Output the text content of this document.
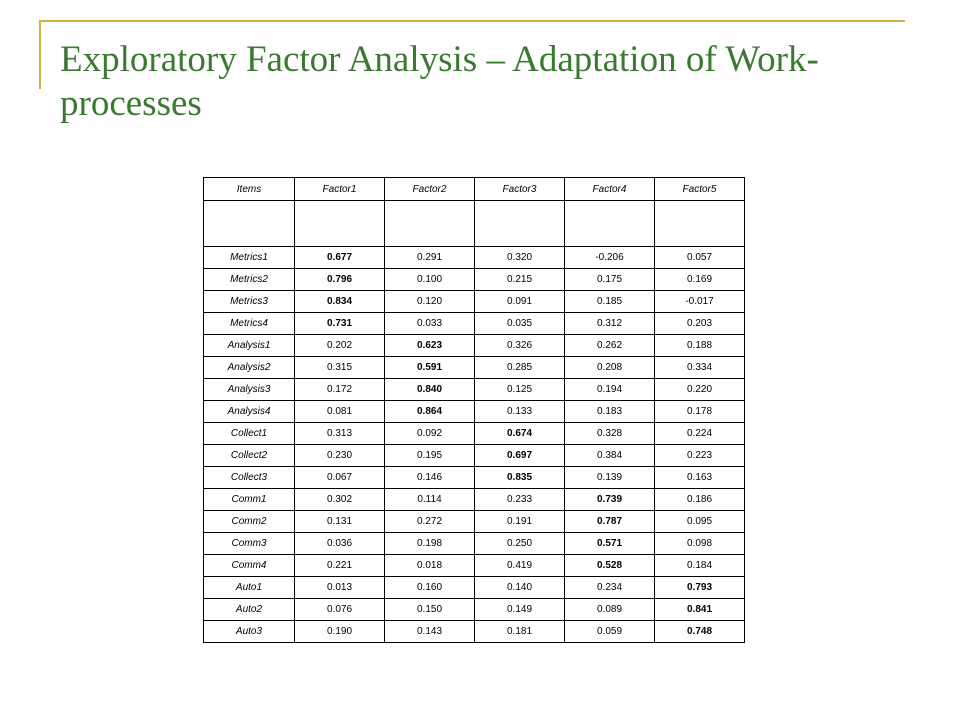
Exploratory Factor Analysis – Adaptation of Work-processes
Items	Factor1	Factor2	Factor3	Factor4	Factor5

Metrics1	0.677	0.291	0.320	-0.206	0.057
Metrics2	0.796	0.100	0.215	0.175	0.169
Metrics3	0.834	0.120	0.091	0.185	-0.017
Metrics4	0.731	0.033	0.035	0.312	0.203
Analysis1	0.202	0.623	0.326	0.262	0.188
Analysis2	0.315	0.591	0.285	0.208	0.334
Analysis3	0.172	0.840	0.125	0.194	0.220
Analysis4	0.081	0.864	0.133	0.183	0.178
Collect1	0.313	0.092	0.674	0.328	0.224
Collect2	0.230	0.195	0.697	0.384	0.223
Collect3	0.067	0.146	0.835	0.139	0.163
Comm1	0.302	0.114	0.233	0.739	0.186
Comm2	0.131	0.272	0.191	0.787	0.095
Comm3	0.036	0.198	0.250	0.571	0.098
Comm4	0.221	0.018	0.419	0.528	0.184
Auto1	0.013	0.160	0.140	0.234	0.793
Auto2	0.076	0.150	0.149	0.089	0.841
Auto3	0.190	0.143	0.181	0.059	0.748
